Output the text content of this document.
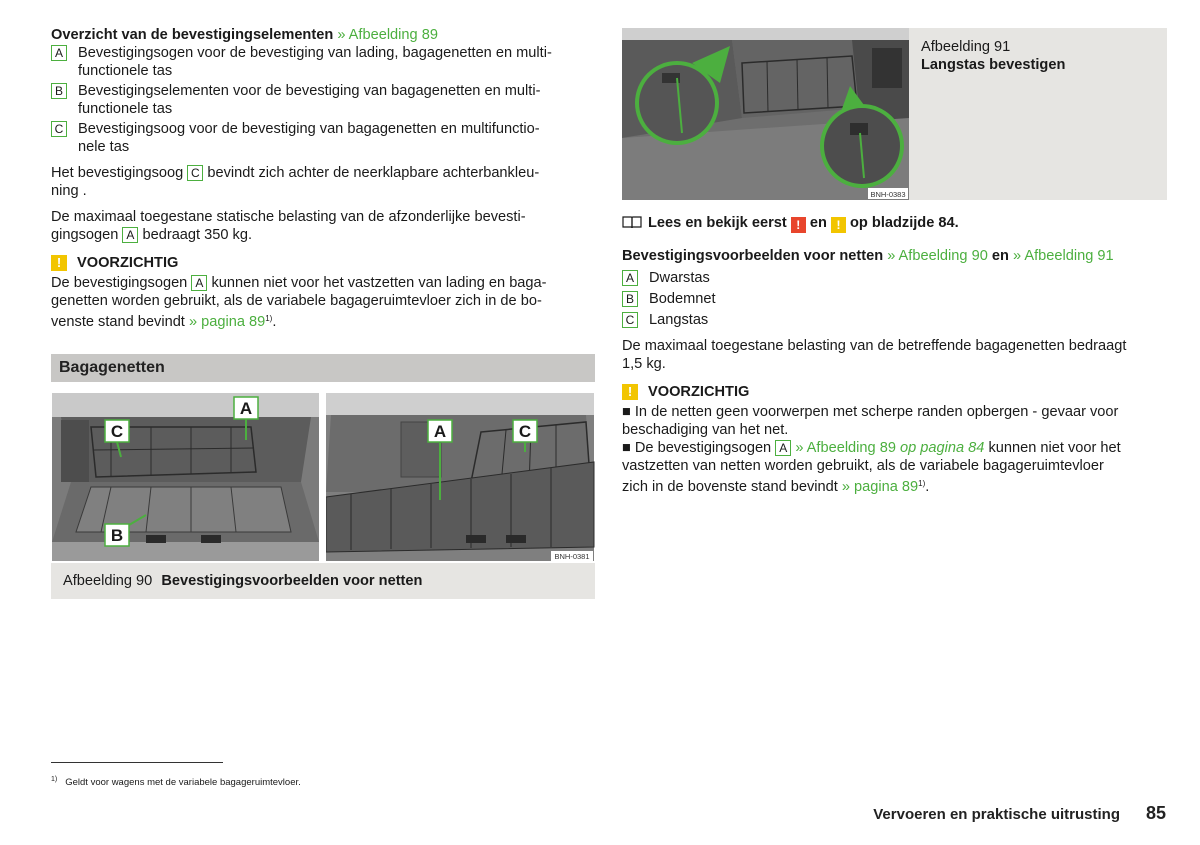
Overzicht van de bevestigingselementen » Afbeelding 89

A Bevestigingsogen voor de bevestiging van lading, bagagenetten en multi-
functionele tas
B Bevestigingselementen voor de bevestiging van bagagenetten en multi-
functionele tas
C Bevestigingsoog voor de bevestiging van bagagenetten en multifunctio-
nele tas

Het bevestigingsoog C bevindt zich achter de neerklapbare achterbankleu-
ning .

De maximaal toegestane statische belasting van de afzonderlijke bevesti-
gingsogen A bedraagt 350 kg.

!	VOORZICHTIG

De bevestigingsogen A kunnen niet voor het vastzetten van lading en baga-
genetten worden gebruikt, als de variabele bagageruimtevloer zich in de bo-
venste stand bevindt » pagina 89$^{1)}$.

Bagagenetten
A
C
B
A	C
BNH-0381
Afbeelding 90 Bevestigingsvoorbeelden voor netten
BNH-0383
Afbeelding 91
Langstas bevestigen

Lees en bekijk eerst ! en ! op bladzijde 84.

Bevestigingsvoorbeelden voor netten » Afbeelding 90 en » Afbeelding 91

A Dwarstas
B Bodemnet
C Langstas

De maximaal toegestane belasting van de betreffende bagagenetten bedraagt
1,5 kg.

!	VOORZICHTIG

■ In de netten geen voorwerpen met scherpe randen opbergen - gevaar voor
beschadiging van het net.

■ De bevestigingsogen A » Afbeelding 89 op pagina 84 kunnen niet voor het
vastzetten van netten worden gebruikt, als de variabele bagageruimtevloer
zich in de bovenste stand bevindt » pagina 89$^{1)}$.

$^{1)}$ Geldt voor wagens met de variabele bagageruimtevloer.
Vervoeren en praktische uitrusting 85
